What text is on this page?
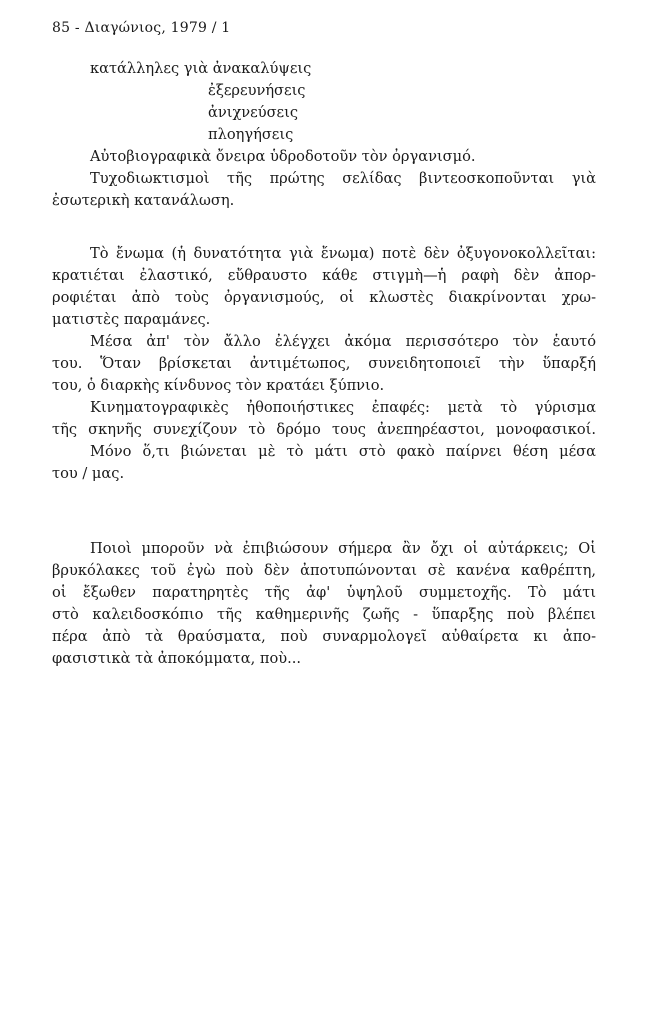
85 - Διαγώνιος, 1979 / 1
κατάλληλες γιὰ ἀνακαλύψεις
ἐξερευνήσεις
ἀνιχνεύσεις
πλοηγήσεις
Αὐτοβιογραφικὰ ὄνειρα ὑδροδοτοῦν τὸν ὀργανισμό.
Τυχοδιωκτισμοὶ τῆς πρώτης σελίδας βιντεοσκοποῦνται γιὰ
ἐσωτερικὴ κατανάλωση.
Τὸ ἔνωμα (ἡ δυνατότητα γιὰ ἔνωμα) ποτὲ δὲν ὀξυγονοκολλεῖται:
κρατιέται ἐλαστικό, εὔθραυστο κάθε στιγμὴ—ἡ ραφὴ δὲν ἀπορ-
ροφιέται ἀπὸ τοὺς ὀργανισμούς, οἱ κλωστὲς διακρίνονται χρω-
ματιστὲς παραμάνες.
Μέσα ἀπ' τὸν ἄλλο ἐλέγχει ἀκόμα περισσότερο τὸν ἑαυτό
του. Ὅταν βρίσκεται ἀντιμέτωπος, συνειδητοποιεῖ τὴν ὕπαρξή
του, ὁ διαρκὴς κίνδυνος τὸν κρατάει ξύπνιο.
Κινηματογραφικὲς ἠθοποιήστικες ἐπαφές: μετὰ τὸ γύρισμα
τῆς σκηνῆς συνεχίζουν τὸ δρόμο τους ἀνεπηρέαστοι, μονοφασικοί.
Μόνο ὅ,τι βιώνεται μὲ τὸ μάτι στὸ φακὸ παίρνει θέση μέσα
του / μας.
Ποιοὶ μποροῦν νὰ ἐπιβιώσουν σήμερα ἂν ὄχι οἱ αὐτάρκεις; Οἱ
βρυκόλακες τοῦ ἐγὼ ποὺ δὲν ἀποτυπώνονται σὲ κανένα καθρέπτη,
οἱ ἔξωθεν παρατηρητὲς τῆς ἀφ' ὑψηλοῦ συμμετοχῆς. Τὸ μάτι
στὸ καλειδοσκόπιο τῆς καθημερινῆς ζωῆς - ὕπαρξης ποὺ βλέπει
πέρα ἀπὸ τὰ θραύσματα, ποὺ συναρμολογεῖ αὐθαίρετα κι ἀπο-
φασιστικὰ τὰ ἀποκόμματα, ποὺ...
